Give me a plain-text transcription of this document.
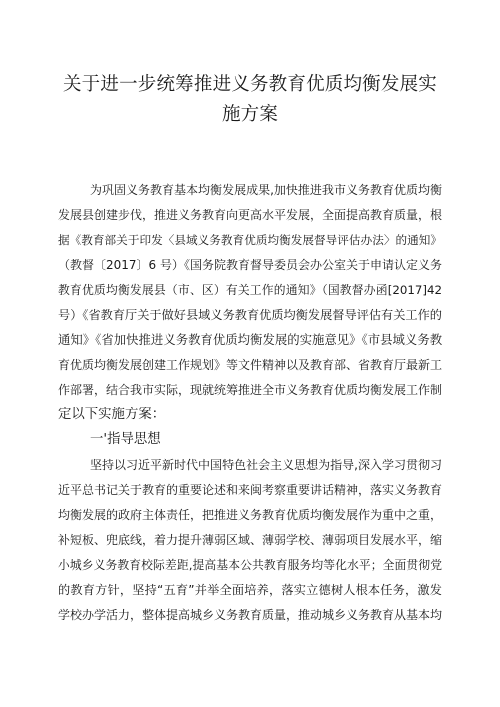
关于进一步统筹推进义务教育优质均衡发展实
施方案
为巩固义务教育基本均衡发展成果,加快推进我市义务教育优质均衡
发展县创建步伐，推进义务教育向更高水平发展，全面提高教育质量，根
据《教育部关于印发〈县域义务教育优质均衡发展督导评估办法〉的通知》
（教督〔2017〕6 号）《国务院教育督导委员会办公室关于申请认定义务
教育优质均衡发展县（市、区）有关工作的通知》（国教督办函[2017]42
号）《省教育厅关于做好县域义务教育优质均衡发展督导评估有关工作的
通知》《省加快推进义务教育优质均衡发展的实施意见》《市县域义务教
育优质均衡发展创建工作规划》等文件精神以及教育部、省教育厅最新工
作部署，结合我市实际，现就统筹推进全市义务教育优质均衡发展工作制
定以下实施方案：
一'指导思想
坚持以习近平新时代中国特色社会主义思想为指导,深入学习贯彻习
近平总书记关于教育的重要论述和来闽考察重要讲话精神，落实义务教育
均衡发展的政府主体责任，把推进义务教育优质均衡发展作为重中之重，
补短板、兜底线，着力提升薄弱区域、薄弱学校、薄弱项目发展水平，缩
小城乡义务教育校际差距,提高基本公共教育服务均等化水平；全面贯彻党
的教育方针，坚持“五育”并举全面培养，落实立德树人根本任务，激发
学校办学活力，整体提高城乡义务教育质量，推动城乡义务教育从基本均
